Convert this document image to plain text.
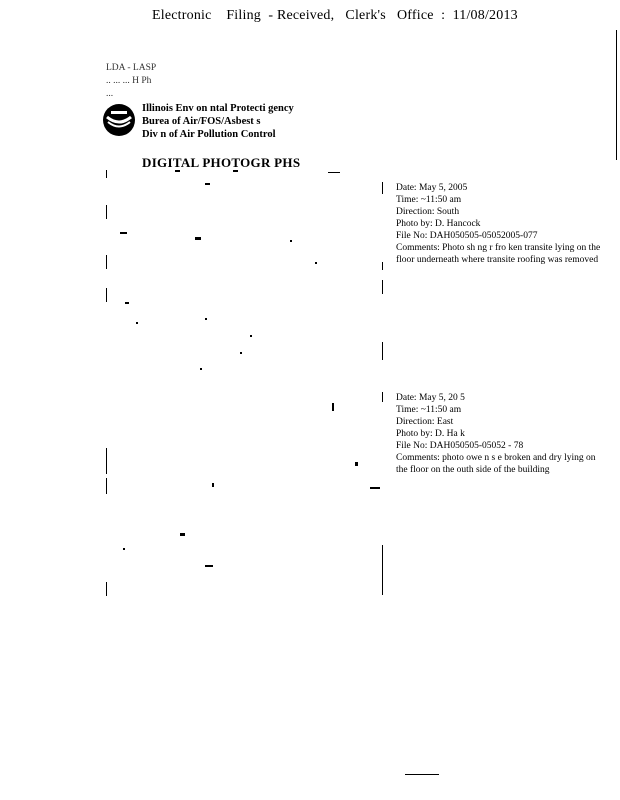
Electronic    Filing  - Received,   Clerk's   Office  :  11/08/2013
LDA - LASP
.. ... ... H Ph
...
Illinois Env on ntal Protecti gency
Burea of Air/FOS/Asbest s
Div n of Air Pollution Control
DIGITAL PHOTOGR PHS
Date: May 5, 2005
Time: ~11:50 am
Direction: South
Photo by: D. Hancock
File No: DAH050505-05052005-077
Comments: Photo sh ng r fro ken transite lying on the floor underneath where transite roofing was removed
Date: May 5, 20 5
Time: ~11:50 am
Direction: East
Photo by: D. Ha k
File No: DAH050505-05052 - 78
Comments: photo owe n s e broken and dry lying on the floor on the outh side of the building
